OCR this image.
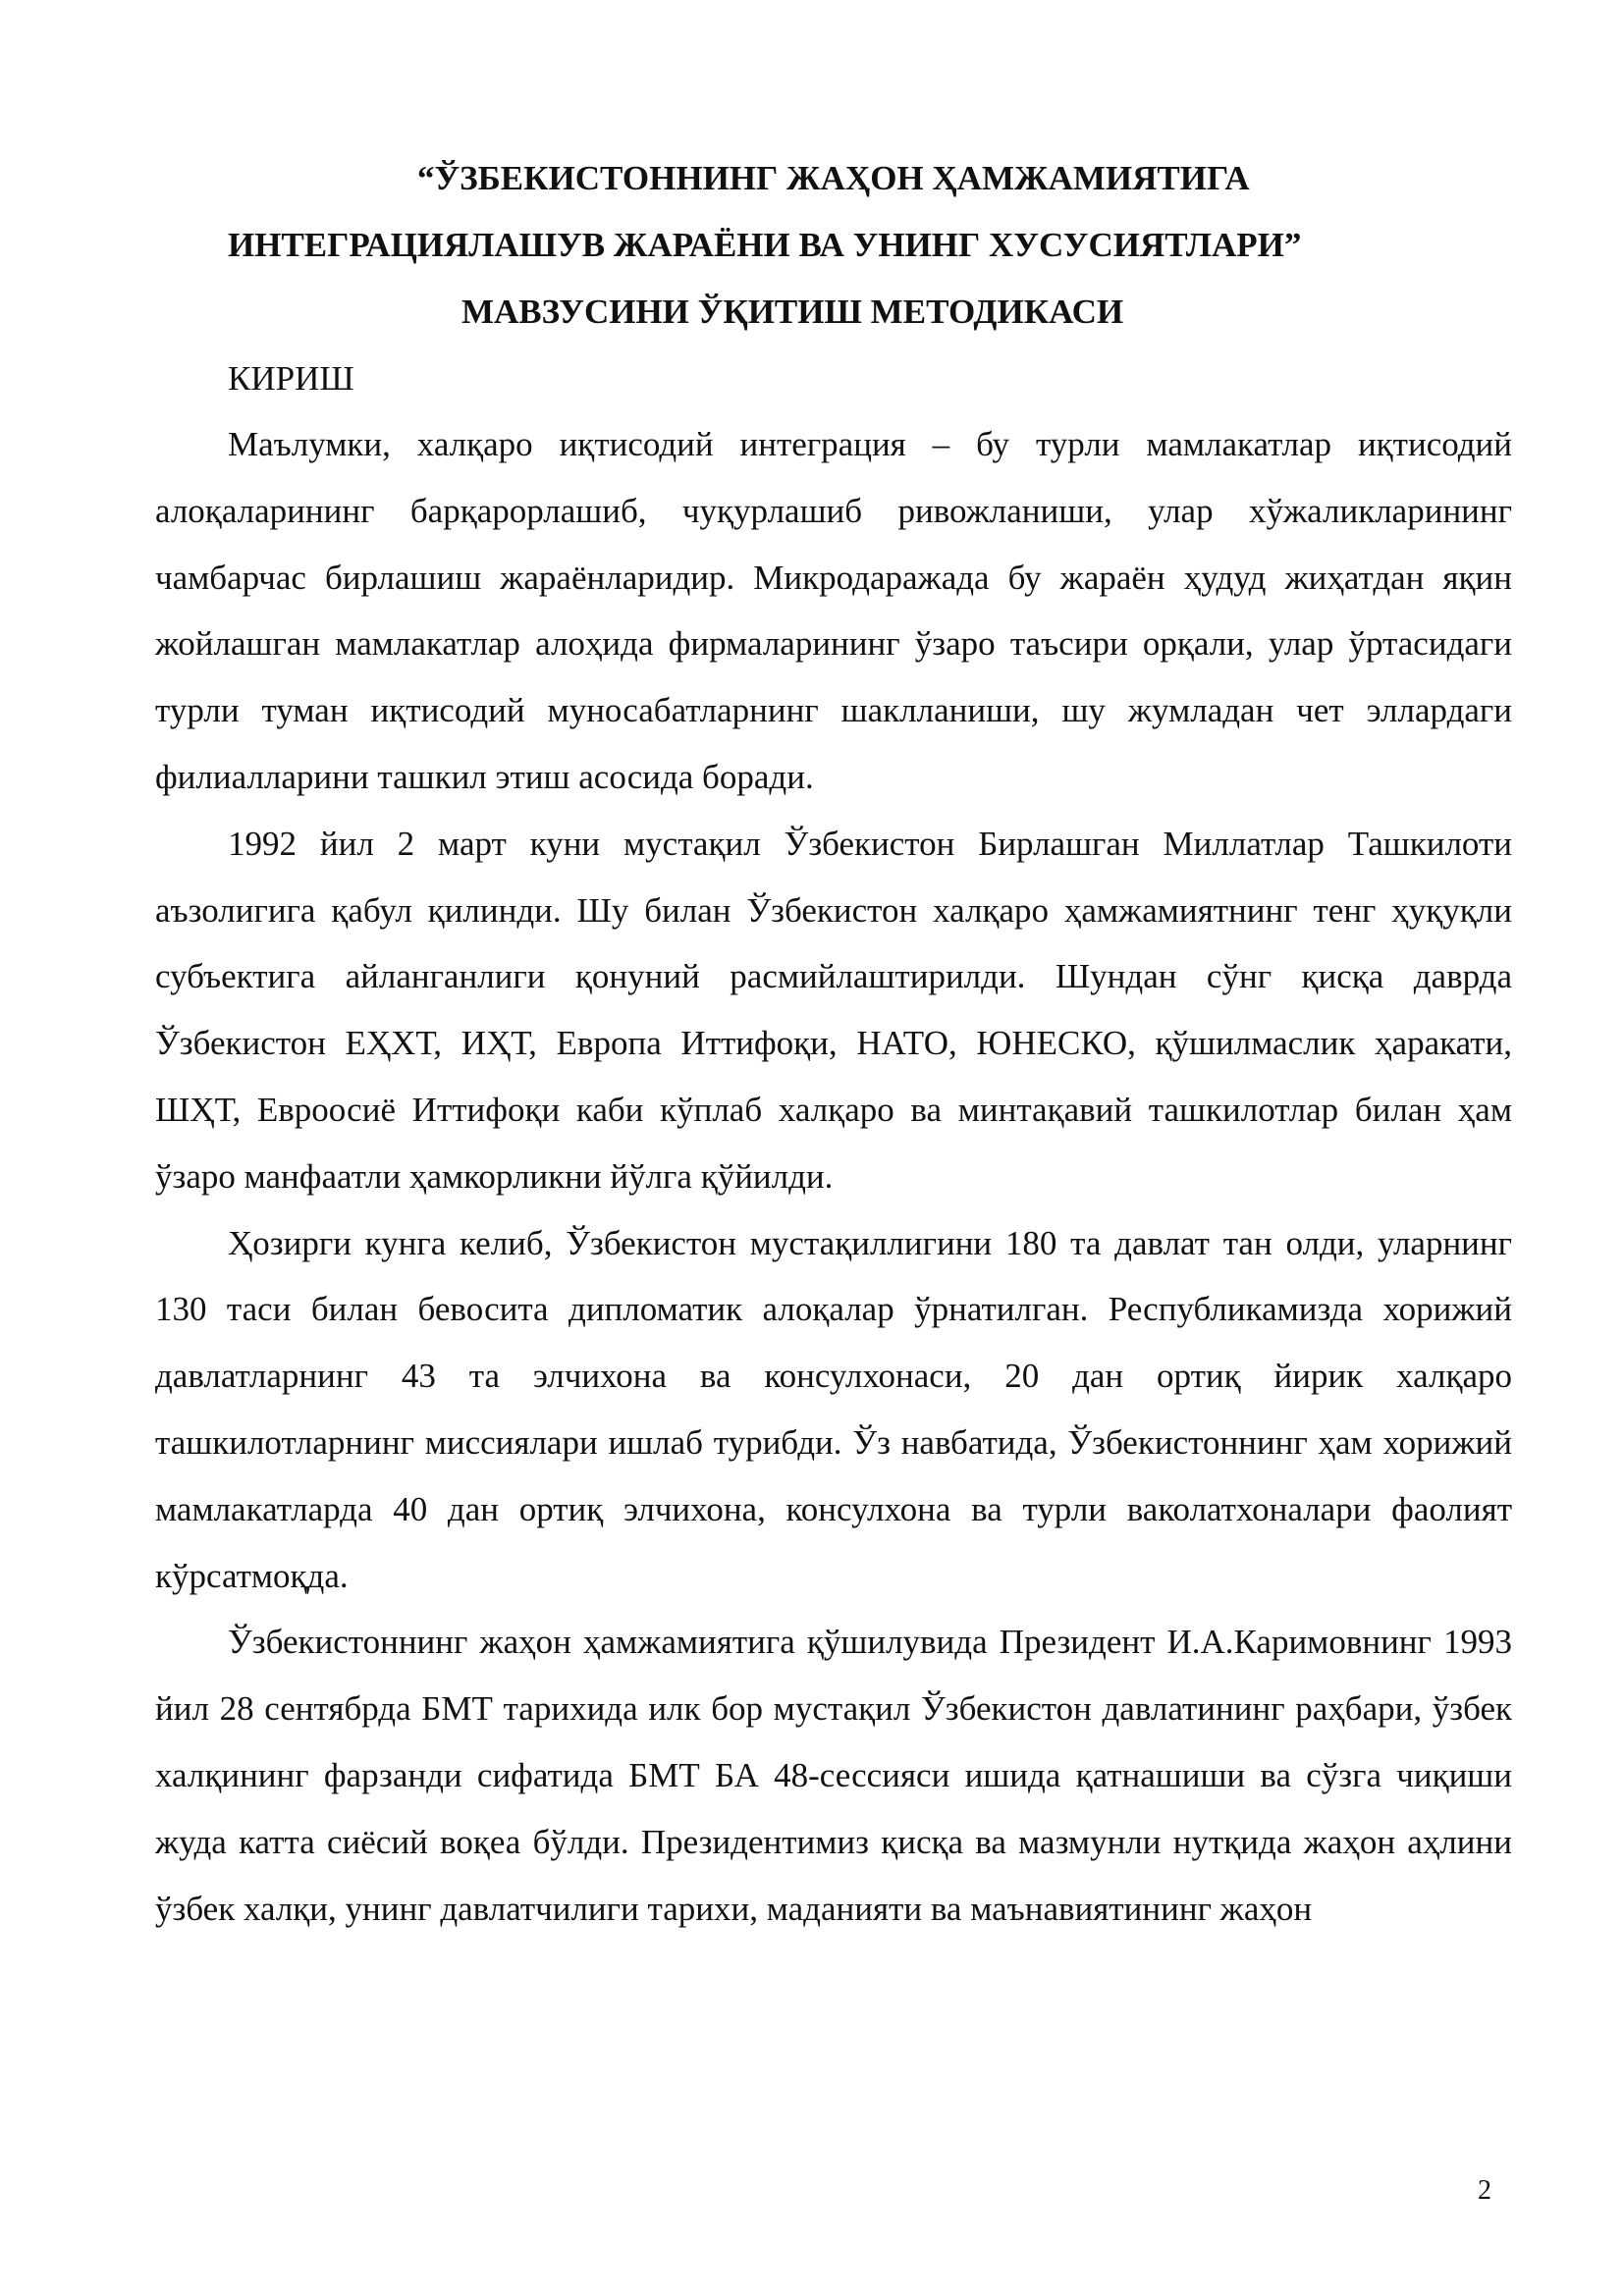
“ЎЗБЕКИСТОННИНГ ЖАҲОН ҲАМЖАМИЯТИГА
ИНТЕГРАЦИЯЛАШУВ ЖАРАЁНИ ВА УНИНГ ХУСУСИЯТЛАРИ”
МАВЗУСИНИ ЎҚИТИШ МЕТОДИКАСИ
КИРИШ

Маълумки, халқаро иқтисодий интеграция – бу турли мамлакатлар иқтисодий алоқаларининг барқарорлашиб, чуқурлашиб ривожланиши, улар хўжаликларининг чамбарчас бирлашиш жараёнларидир. Микродаражада бу жараён ҳудуд жиҳатдан яқин жойлашган мамлакатлар алоҳида фирмаларининг ўзаро таъсири орқали, улар ўртасидаги турли туман иқтисодий муносабатларнинг шаклланиши, шу жумладан чет эллардаги филиалларини ташкил этиш асосида боради.

1992 йил 2 март куни мустақил Ўзбекистон Бирлашган Миллатлар Ташкилоти аъзолигига қабул қилинди. Шу билан Ўзбекистон халқаро ҳамжамиятнинг тенг ҳуқуқли субъектига айланганлиги қонуний расмийлаштирилди. Шундан сўнг қисқа даврда Ўзбекистон ЕҲХТ, ИҲТ, Европа Иттифоқи, НАТО, ЮНЕСКО, қўшилмаслик ҳаракати, ШҲТ, Евроосиё Иттифоқи каби кўплаб халқаро ва минтақавий ташкилотлар билан ҳам ўзаро манфаатли ҳамкорликни йўлга қўйилди.

Ҳозирги кунга келиб, Ўзбекистон мустақиллигини 180 та давлат тан олди, уларнинг 130 таси билан бевосита дипломатик алоқалар ўрнатилган. Республикамизда хорижий давлатларнинг 43 та элчихона ва консулхонаси, 20 дан ортиқ йирик халқаро ташкилотларнинг миссиялари ишлаб турибди. Ўз навбатида, Ўзбекистоннинг ҳам хорижий мамлакатларда 40 дан ортиқ элчихона, консулхона ва турли ваколатхоналари фаолият кўрсатмоқда.

Ўзбекистоннинг жаҳон ҳамжамиятига қўшилувида Президент И.А.Каримовнинг 1993 йил 28 сентябрда БМТ тарихида илк бор мустақил Ўзбекистон давлатининг раҳбари, ўзбек халқининг фарзанди сифатида БМТ БА 48-сессияси ишида қатнашиши ва сўзга чиқиши жуда катта сиёсий воқеа бўлди. Президентимиз қисқа ва мазмунли нутқида жаҳон аҳлини ўзбек халқи, унинг давлатчилиги тарихи, маданияти ва маънавиятининг жаҳон

2
